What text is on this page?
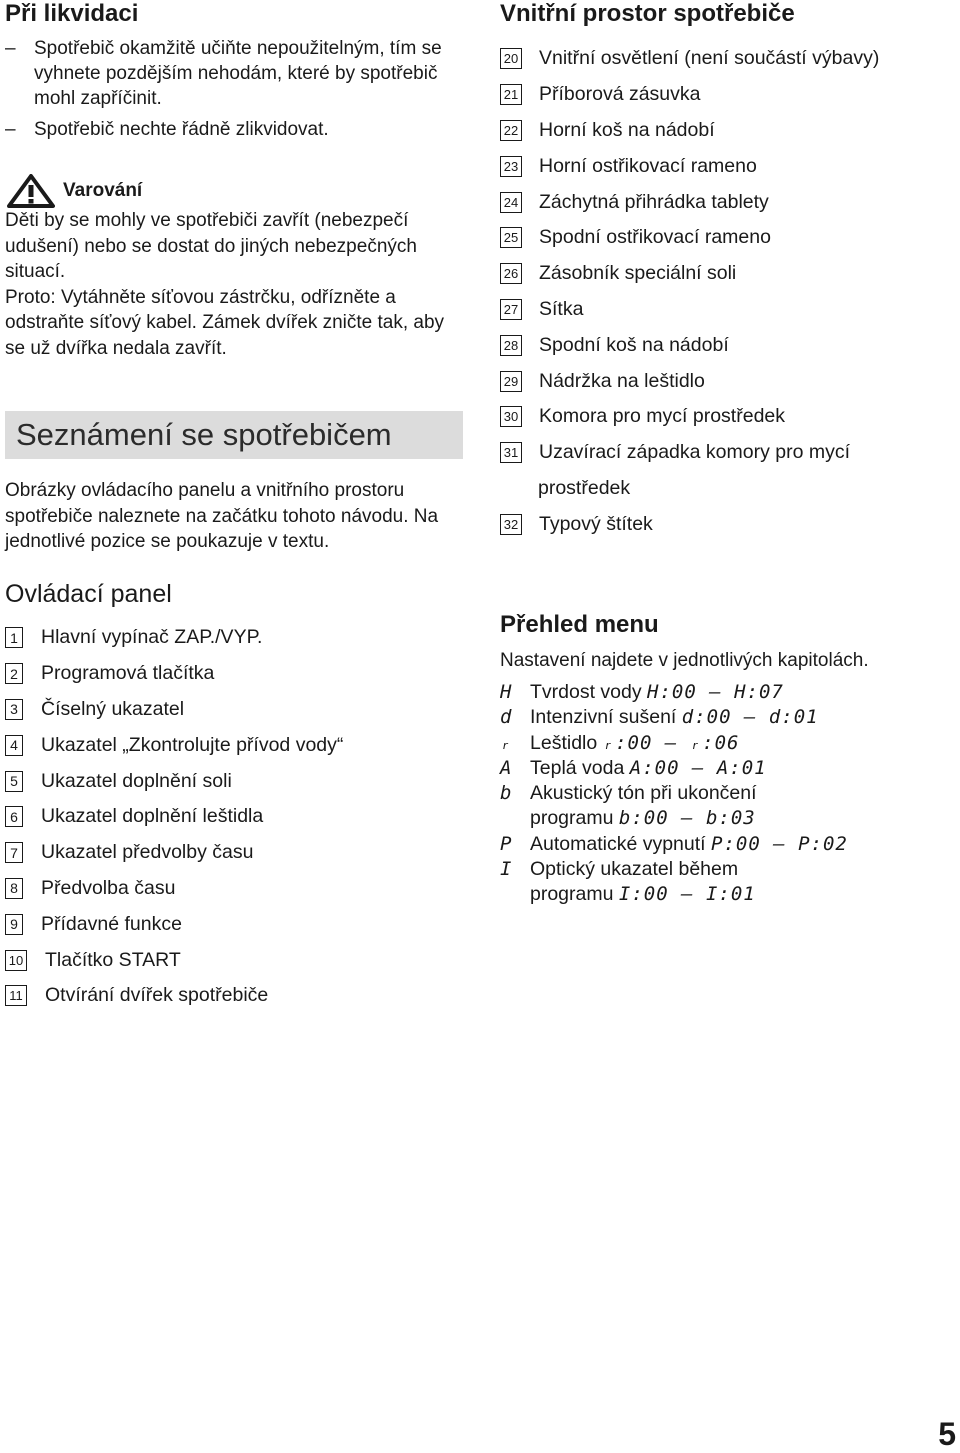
Při likvidaci
– Spotřebič okamžitě učiňte nepoužitelným, tím se vyhnete pozdějším nehodám, které by spotřebič mohl zapříčinit.
– Spotřebič nechte řádně zlikvidovat.
Varování

Děti by se mohly ve spotřebiči zavřít (nebezpečí udušení) nebo se dostat do jiných nebezpečných situací.

Proto: Vytáhněte síťovou zástrčku, odřízněte a odstraňte síťový kabel. Zámek dvířek zničte tak, aby se už dvířka nedala zavřít.

Seznámení se spotřebičem

Obrázky ovládacího panelu a vnitřního prostoru spotřebiče naleznete na začátku tohoto návodu. Na jednotlivé pozice se poukazuje v textu.

Ovládací panel
1 Hlavní vypínač ZAP./VYP.
2 Programová tlačítka
3 Číselný ukazatel
4 Ukazatel „Zkontrolujte přívod vody“
5 Ukazatel doplnění soli
6 Ukazatel doplnění leštidla
7 Ukazatel předvolby času
8 Předvolba času
9 Přídavné funkce
10 Tlačítko START
11 Otvírání dvířek spotřebiče
Vnitřní prostor spotřebiče
20 Vnitřní osvětlení (není součástí výbavy)
21 Příborová zásuvka
22 Horní koš na nádobí
23 Horní ostřikovací rameno
24 Záchytná přihrádka tablety
25 Spodní ostřikovací rameno
26 Zásobník speciální soli
27 Sítka
28 Spodní koš na nádobí
29 Nádržka na leštidlo
30 Komora pro mycí prostředek
31 Uzavírací západka komory pro mycí
prostředek
32 Typový štítek
Přehled menu

Nastavení najdete v jednotlivých kapitolách.

H Tvrdost vody H:00 – H:07
d Intenzivní sušení d:00 – d:01
ᵣ Leštidlo ᵣ:00 – ᵣ:06
A Teplá voda A:00 – A:01
b Akustický tón při ukončení
programu b:00 – b:03
P Automatické vypnutí P:00 – P:02
I Optický ukazatel během
programu I:00 – I:01
5
